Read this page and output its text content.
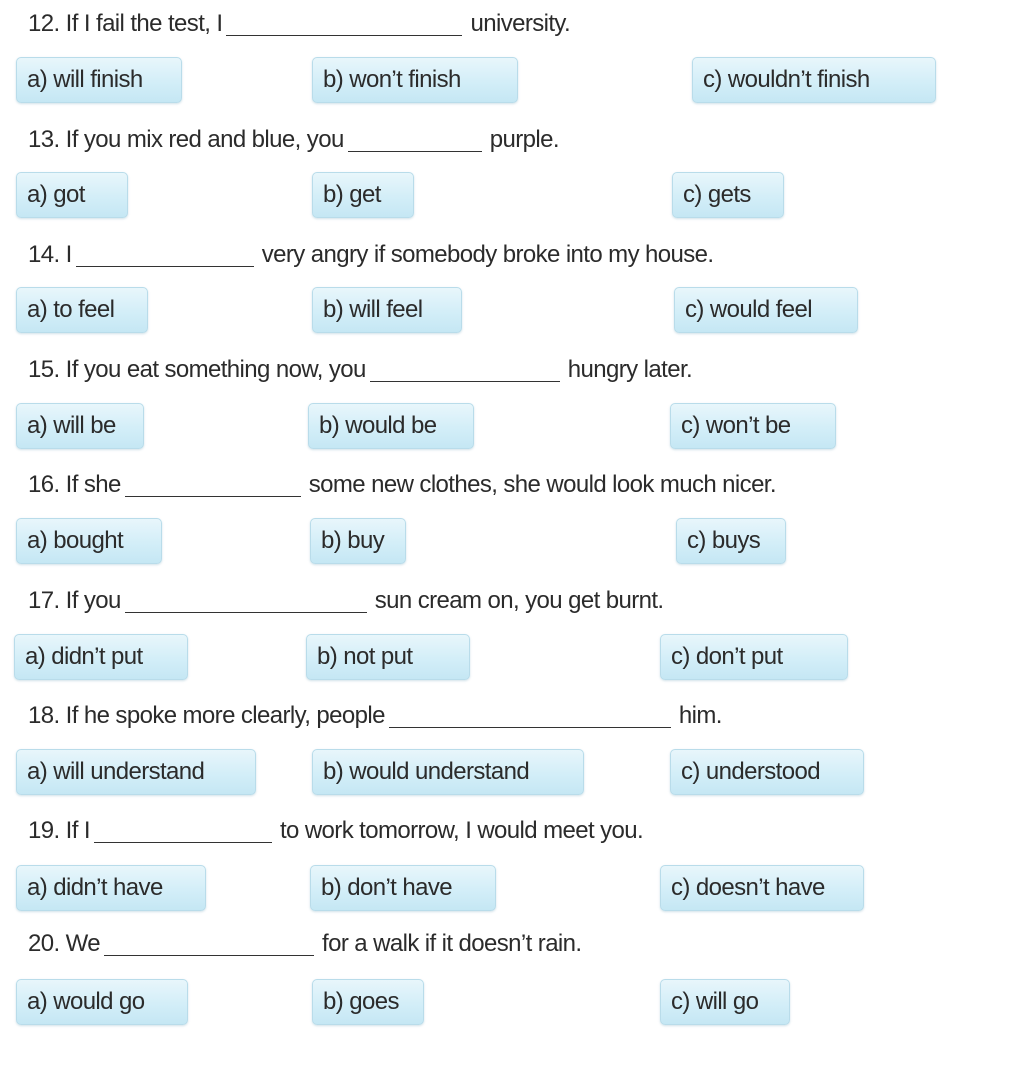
12.
If I fail the test, I	university.
a) will finish	b) won’t finish	c) wouldn’t finish
13.
If you mix red and blue, you	purple.
a) got	b) get	c) gets
14.
I	very angry if somebody broke into my house.
a) to feel	b) will feel	c) would feel
15.
If you eat something now, you	hungry later.
a) will be	b) would be	c) won’t be
16.
If she	some new clothes, she would look much nicer.
a) bought	b) buy	c) buys
17.
If you	sun cream on, you get burnt.
a) didn’t put	b) not put	c) don’t put
18.
If he spoke more clearly, people	him.
a) will understand	b) would understand	c) understood
19.
If I	to work tomorrow, I would meet you.
a) didn’t have	b) don’t have	c) doesn’t have
20.
We	for a walk if it doesn’t rain.
a) would go	b) goes	c) will go
